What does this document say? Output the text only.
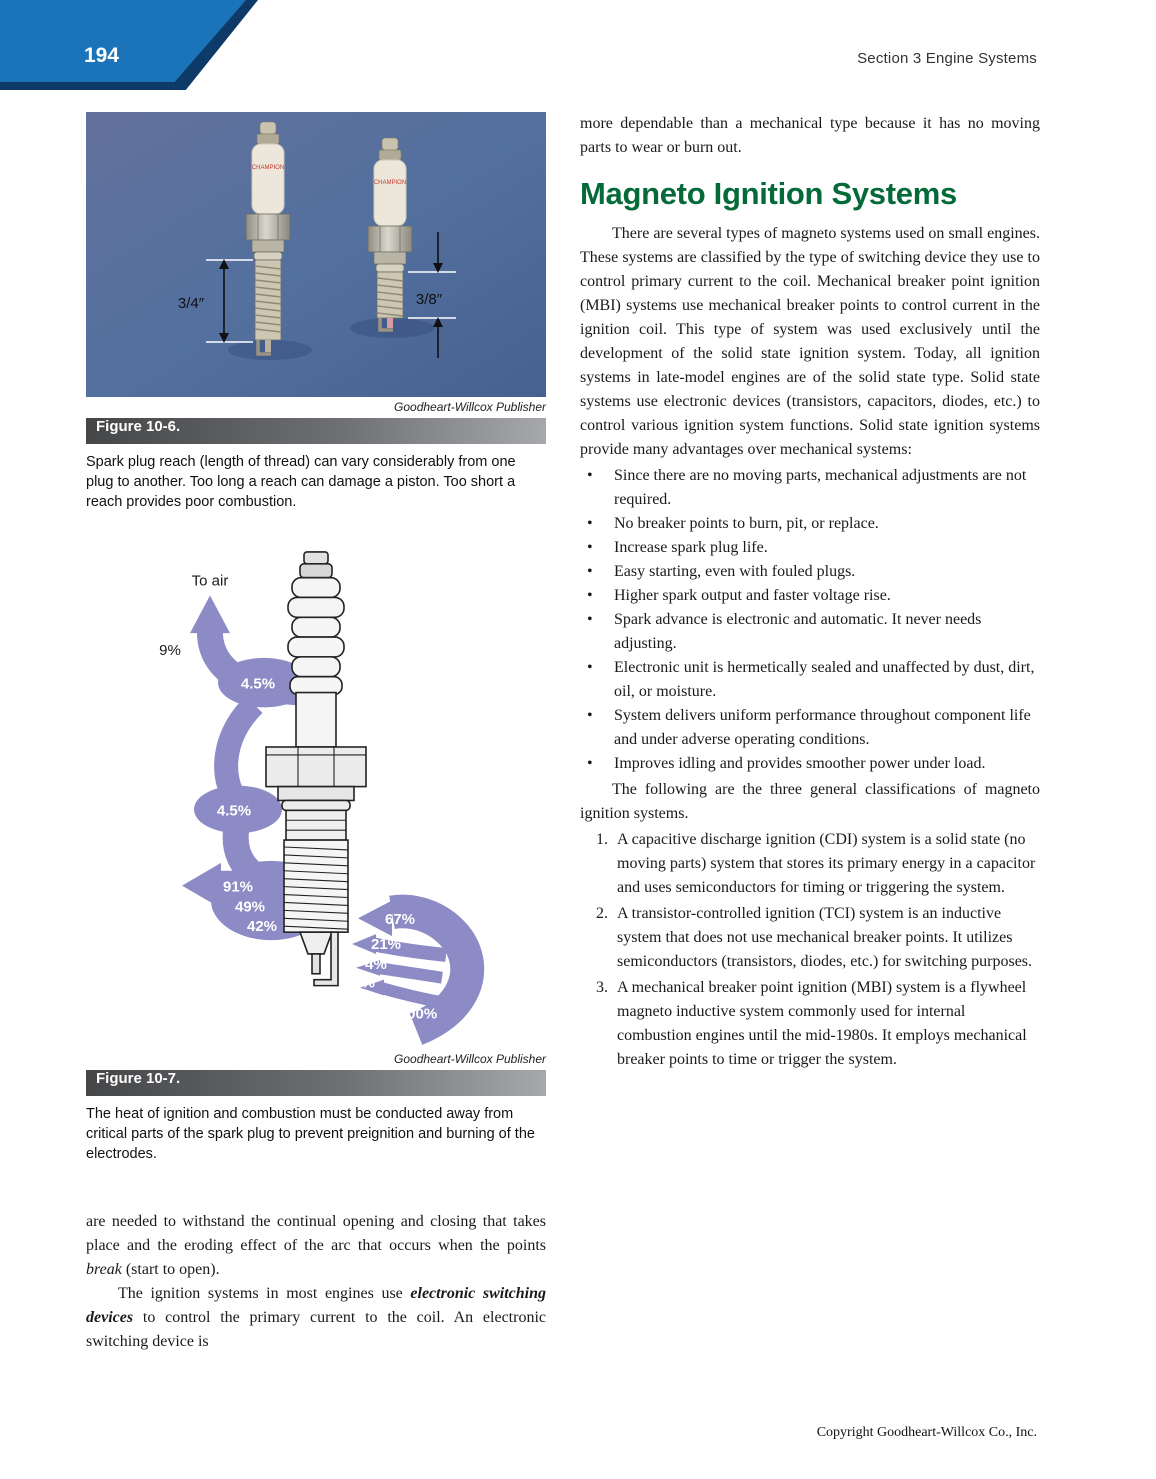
194	Section 3 Engine Systems
CHAMPION
CHAMPION
3/4″	3/8″
Goodheart-Willcox Publisher
Figure 10-6.

Spark plug reach (length of thread) can vary considerably from one plug to another. Too long a reach can damage a piston. Too short a reach provides poor combustion.

To air
9%
4.5%
4.5%
91%
49%
42%	67%
21%
4%
8%
100%
Goodheart-Willcox Publisher
Figure 10-7.

The heat of ignition and combustion must be conducted away from critical parts of the spark plug to prevent preignition and burning of the electrodes.

are needed to withstand the continual opening and closing that takes place and the eroding effect of the arc that occurs when the points break (start to open).

The ignition systems in most engines use electronic switching devices to control the primary current to the coil. An electronic switching device is

more dependable than a mechanical type because it has no moving parts to wear or burn out.

Magneto Ignition Systems

There are several types of magneto systems used on small engines. These systems are classified by the type of switching device they use to control primary current to the coil. Mechanical breaker point ignition (MBI) systems use mechanical breaker points to control current in the ignition coil. This type of system was used exclusively until the development of the solid state ignition system. Today, all ignition systems in late-model engines are of the solid state type. Solid state systems use electronic devices (transistors, capacitors, diodes, etc.) to control various ignition system functions. Solid state ignition systems provide many advantages over mechanical systems:

•	Since there are no moving parts, mechanical adjustments are not required.
•	No breaker points to burn, pit, or replace.
•	Increase spark plug life.
•	Easy starting, even with fouled plugs.
•	Higher spark output and faster voltage rise.
•	Spark advance is electronic and automatic. It never needs adjusting.
•	Electronic unit is hermetically sealed and unaffected by dust, dirt, oil, or moisture.
•	System delivers uniform performance throughout component life and under adverse operating conditions.
•	Improves idling and provides smoother power under load.

The following are the three general classifications of magneto ignition systems.

1. A capacitive discharge ignition (CDI) system is a solid state (no moving parts) system that stores its primary energy in a capacitor and uses semiconductors for timing or triggering the system.
2. A transistor-controlled ignition (TCI) system is an inductive system that does not use mechanical breaker points. It utilizes semiconductors (transistors, diodes, etc.) for switching purposes.
3. A mechanical breaker point ignition (MBI) system is a flywheel magneto inductive system commonly used for internal combustion engines until the mid-1980s. It employs mechanical breaker points to time or trigger the system.
Copyright Goodheart-Willcox Co., Inc.
